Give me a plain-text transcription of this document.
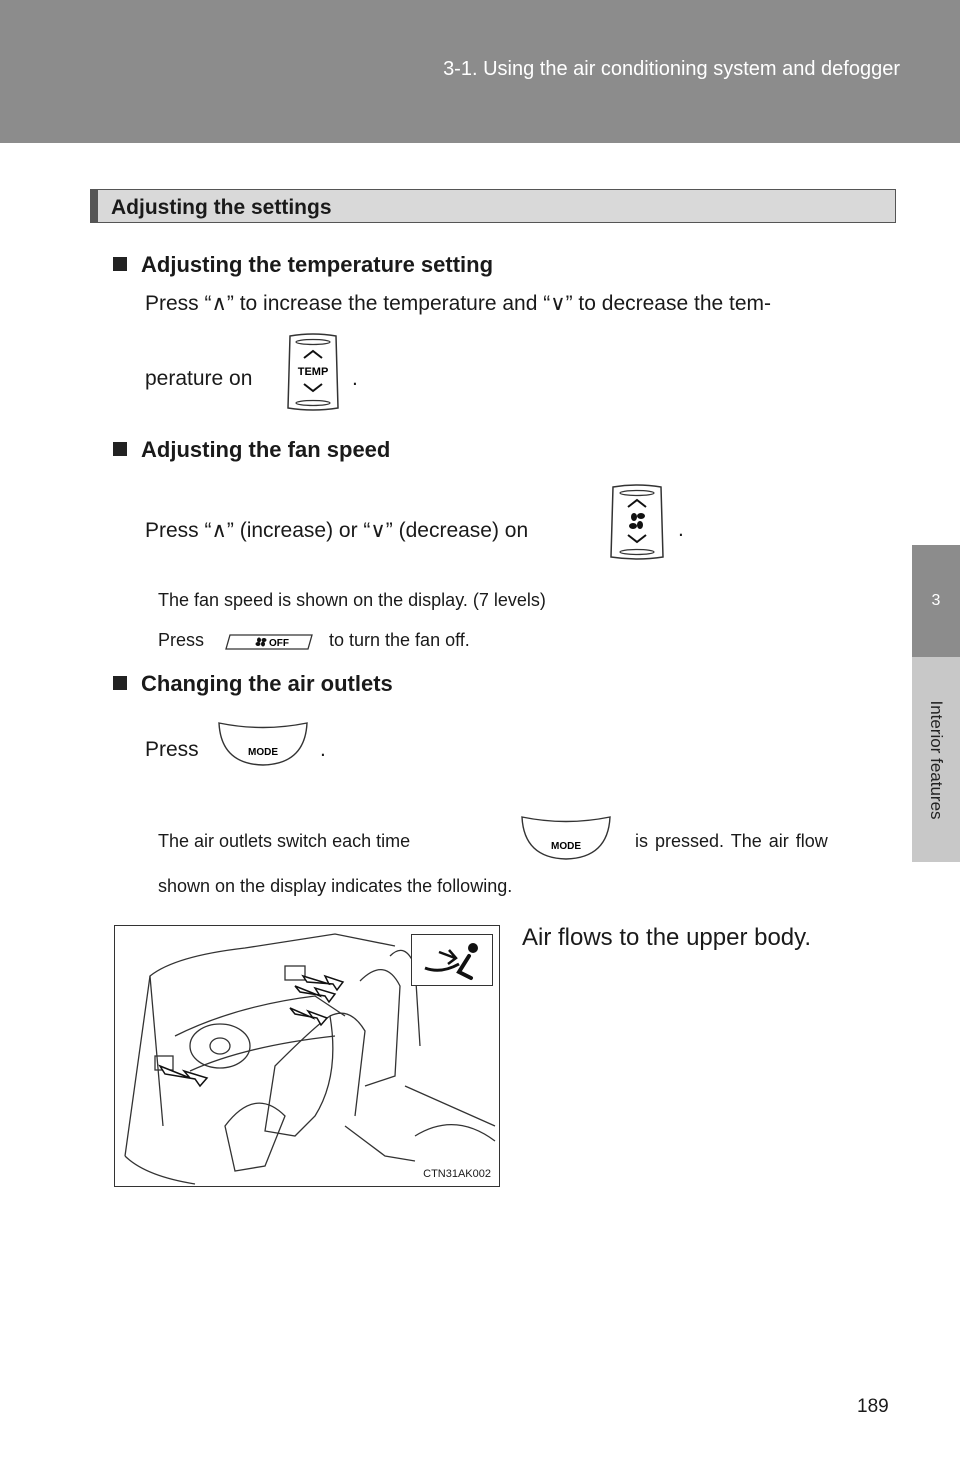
3-1. Using the air conditioning system and defogger
3
Interior features
Adjusting the settings
Adjusting the temperature setting
Press “∧” to increase the temperature and “∨” to decrease the tem-
perature on	TEMP .
Adjusting the fan speed
Press “∧” (increase) or “∨” (decrease) on	.
The fan speed is shown on the display. (7 levels)
Press	OFF to turn the fan off.
Changing the air outlets
Press	MODE .
The air outlets switch each time	MODE	is pressed. The air flow
shown on the display indicates the following.
CTN31AK002
Air flows to the upper body.
189
